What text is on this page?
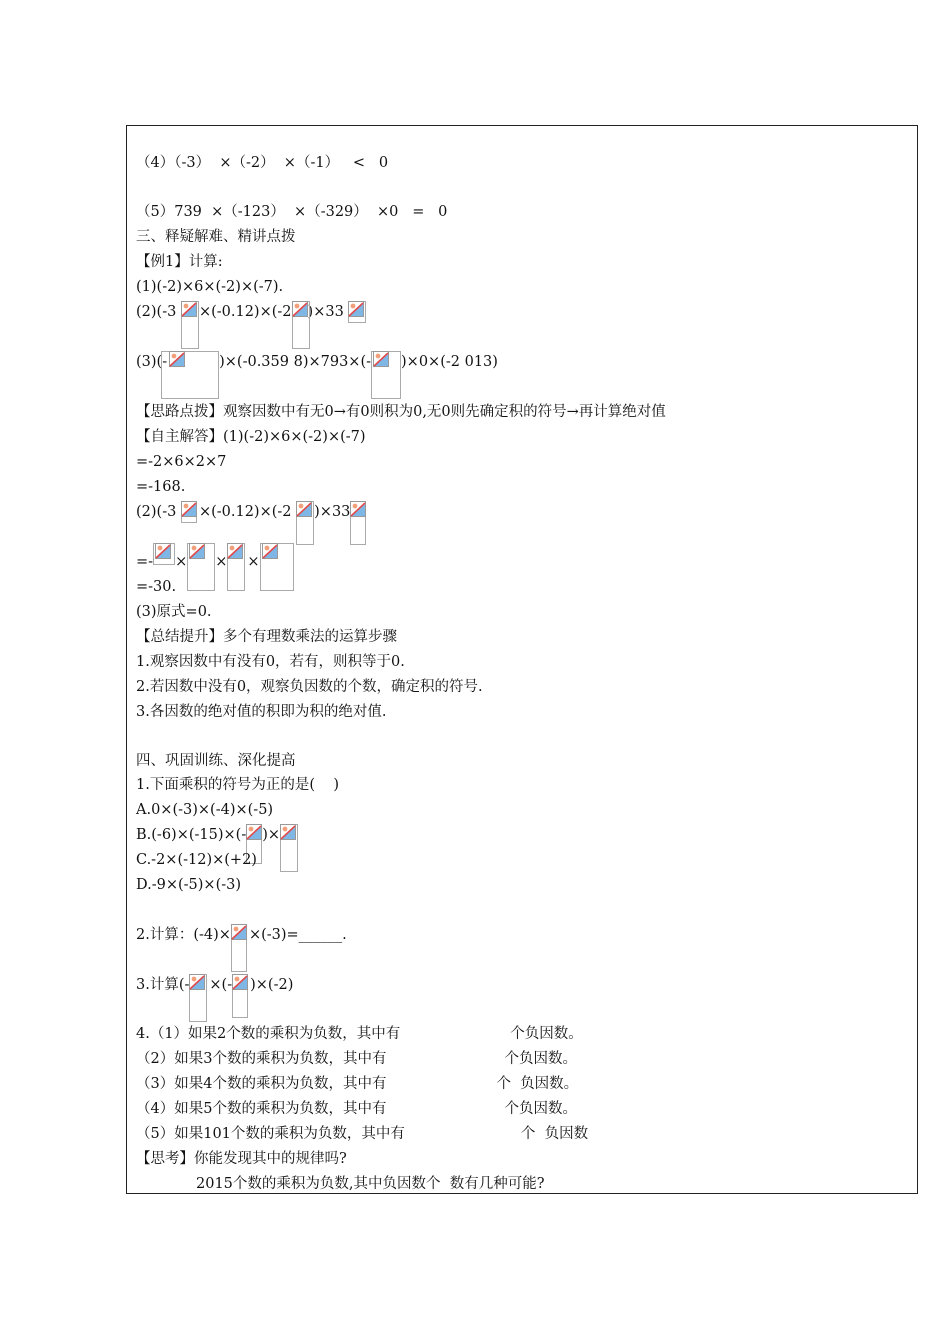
（4）（-3）  ×（-2）  ×（-1）   <   0
（5）739  ×（-123）  ×（-329）  ×0   =   0
三、释疑解难、精讲点拨
【例1】计算:
(1)(-2)×6×(-2)×(-7).
(2)(-3
×(-0.12)×(-2 )×33
(3)(-	)×(-0.359 8)×793×(- )×0×(-2 013)
【思路点拨】观察因数中有无0→有0则积为0,无0则先确定积的符号→再计算绝对值
【自主解答】(1)(-2)×6×(-2)×(-7)
=-2×6×2×7
=-168.
(2)(-3
×(-0.12)×(-2
)×33
=- × × ×
=-30.
(3)原式=0.
【总结提升】多个有理数乘法的运算步骤
1.观察因数中有没有0，若有，则积等于0.
2.若因数中没有0，观察负因数的个数，确定积的符号.
3.各因数的绝对值的积即为积的绝对值.
四、巩固训练、深化提高
1.下面乘积的符号为正的是(    )
A.0×(-3)×(-4)×(-5)
B.(-6)×(-15)×(- )×
C.-2×(-12)×(+2)
D.-9×(-5)×(-3)
2.计算：(-4)× ×(-3)=______.
3.计算(- ×(- )×(-2)
4.（1）如果2个数的乘积为负数，其中有	个负因数。
（2）如果3个数的乘积为负数，其中有	个负因数。
（3）如果4个数的乘积为负数，其中有	个  负因数。
（4）如果5个数的乘积为负数，其中有	个负因数。
（5）如果101个数的乘积为负数，其中有	个  负因数
【思考】你能发现其中的规律吗?
2015个数的乘积为负数,其中负因数个  数有几种可能?
